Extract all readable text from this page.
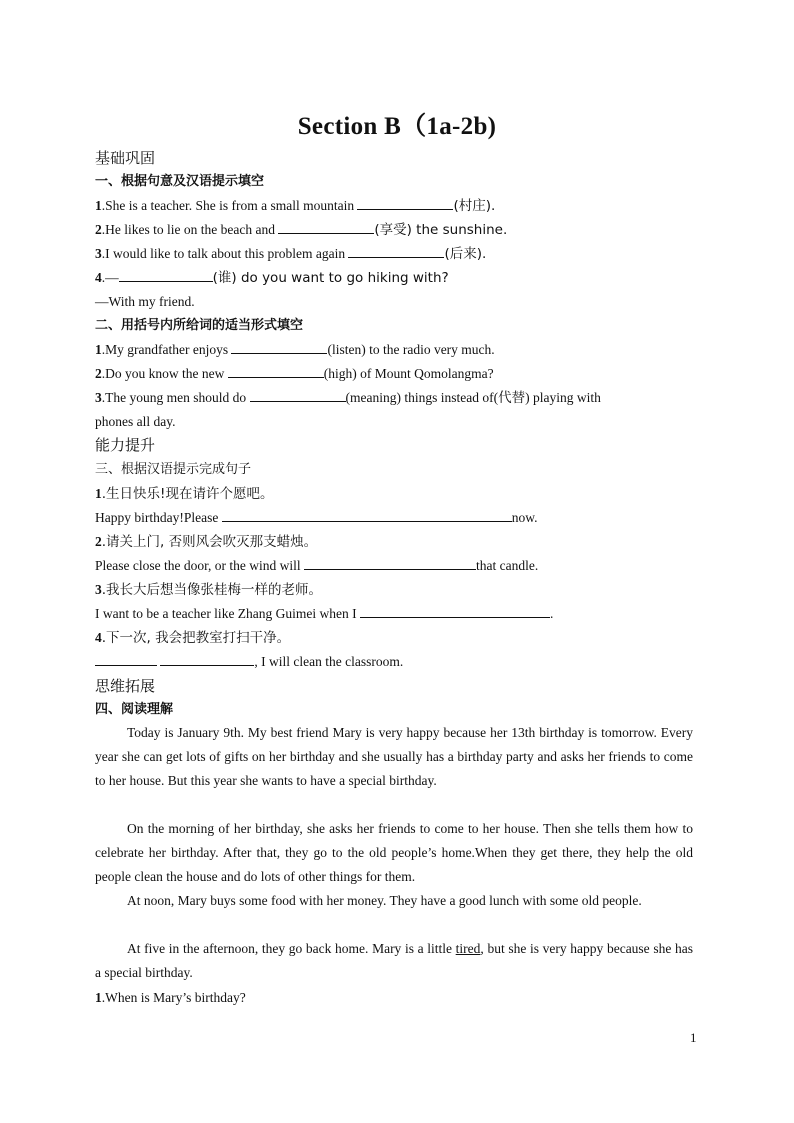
Section B（1a-2b)
基础巩固
一、根据句意及汉语提示填空
1.She is a teacher. She is from a small mountain	(村庄).
2.He likes to lie on the beach and	(享受) the sunshine.
3.I would like to talk about this problem again	(后来).
4.—	(谁) do you want to go hiking with?
—With my friend.
二、用括号内所给词的适当形式填空
1.My grandfather enjoys	(listen) to the radio very much.
2.Do you know the new	(high) of Mount Qomolangma?
3.The young men should do	(meaning) things instead of(代替) playing with
phones all day.
能力提升
三、根据汉语提示完成句子
1.生日快乐!现在请许个愿吧。
Happy birthday!Please	now.
2.请关上门, 否则风会吹灭那支蜡烛。
Please close the door, or the wind will	that candle.
3.我长大后想当像张桂梅一样的老师。
I want to be a teacher like Zhang Guimei when I	.
4.下一次, 我会把教室打扫干净。
, I will clean the classroom.
思维拓展
四、阅读理解
Today is January 9th. My best friend Mary is very happy because her 13th birthday is tomorrow. Every year she can get lots of gifts on her birthday and she usually has a birthday party and asks her friends to come to her house. But this year she wants to have a special birthday.
On the morning of her birthday, she asks her friends to come to her house. Then she tells them how to celebrate her birthday. After that, they go to the old people’s home.When they get there, they help the old people clean the house and do lots of other things for them.
At noon, Mary buys some food with her money. They have a good lunch with some old people.
At five in the afternoon, they go back home. Mary is a little tired, but she is very happy because she has a special birthday.
1.When is Mary’s birthday?
1
